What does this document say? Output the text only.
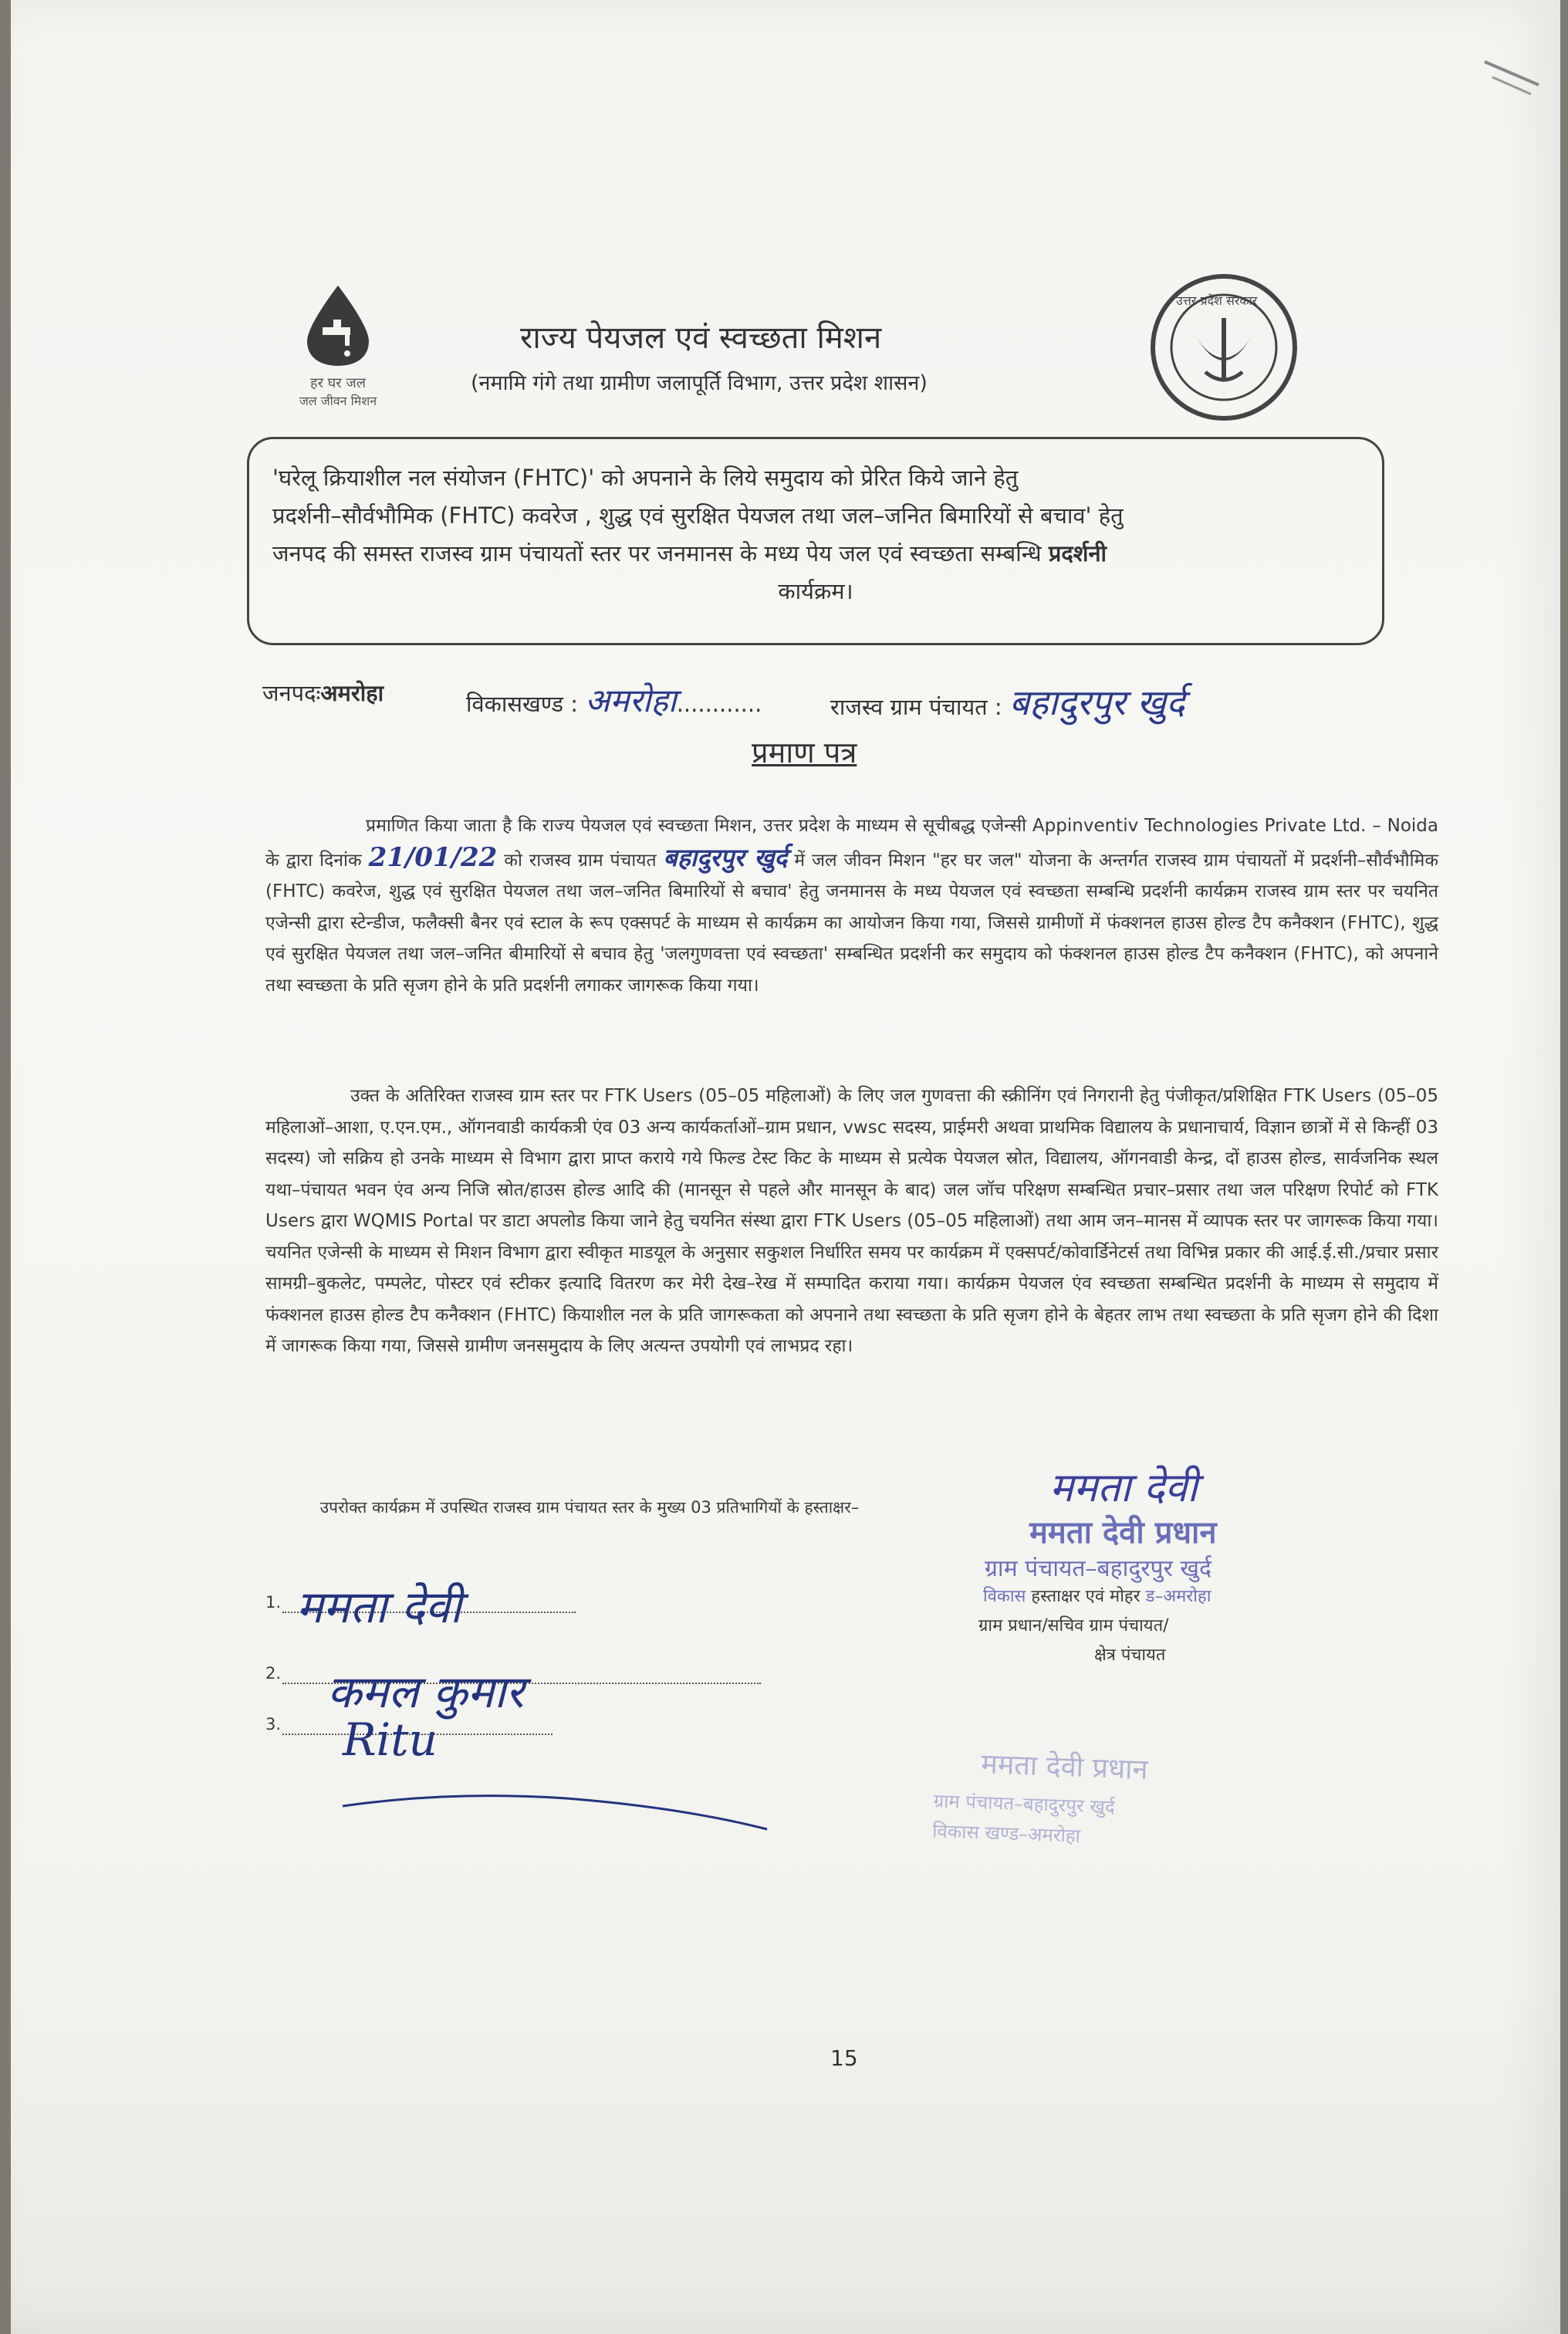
हर घर जल
जल जीवन मिशन
राज्य पेयजल एवं स्वच्छता मिशन
(नमामि गंगे तथा ग्रामीण जलापूर्ति विभाग, उत्तर प्रदेश शासन)
उत्तर प्रदेश सरकार
'घरेलू क्रियाशील नल संयोजन (FHTC)' को अपनाने के लिये समुदाय को प्रेरित किये जाने हेतु
प्रदर्शनी–सौर्वभौमिक (FHTC) कवरेज , शुद्ध एवं सुरक्षित पेयजल तथा जल–जनित बिमारियों से बचाव' हेतु
जनपद की समस्त राजस्व ग्राम पंचायतों स्तर पर जनमानस के मध्य पेय जल एवं स्वच्छता सम्बन्धि प्रदर्शनी
कार्यक्रम।
जनपदःअमरोहा	विकासखण्ड : अमरोहा............	राजस्व ग्राम पंचायत : बहादुरपुर खुर्द
प्रमाण पत्र
प्रमाणित किया जाता है कि राज्य पेयजल एवं स्वच्छता मिशन, उत्तर प्रदेश के माध्यम से सूचीबद्ध एजेन्सी Appinventiv Technologies Private Ltd. – Noida के द्वारा दिनांक 21/01/22 को राजस्व ग्राम पंचायत बहादुरपुर खुर्द में जल जीवन मिशन "हर घर जल" योजना के अन्तर्गत राजस्व ग्राम पंचायतों में प्रदर्शनी–सौर्वभौमिक (FHTC) कवरेज, शुद्ध एवं सुरक्षित पेयजल तथा जल–जनित बिमारियों से बचाव' हेतु जनमानस के मध्य पेयजल एवं स्वच्छता सम्बन्धि प्रदर्शनी कार्यक्रम राजस्व ग्राम स्तर पर चयनित एजेन्सी द्वारा स्टेन्डीज, फलैक्सी बैनर एवं स्टाल के रूप एक्सपर्ट के माध्यम से कार्यक्रम का आयोजन किया गया, जिससे ग्रामीणों में फंक्शनल हाउस होल्ड टैप कनैक्शन (FHTC), शुद्ध एवं सुरक्षित पेयजल तथा जल–जनित बीमारियों से बचाव हेतु 'जलगुणवत्ता एवं स्वच्छता' सम्बन्धित प्रदर्शनी कर समुदाय को फंक्शनल हाउस होल्ड टैप कनैक्शन (FHTC), को अपनाने तथा स्वच्छता के प्रति सृजग होने के प्रति प्रदर्शनी लगाकर जागरूक किया गया।
उक्त के अतिरिक्त राजस्व ग्राम स्तर पर FTK Users (05–05 महिलाओं) के लिए जल गुणवत्ता की स्क्रीनिंग एवं निगरानी हेतु पंजीकृत/प्रशिक्षित FTK Users (05–05 महिलाओं–आशा, ए.एन.एम., ऑगनवाडी कार्यकत्री एंव 03 अन्य कार्यकर्ताओं–ग्राम प्रधान, vwsc सदस्य, प्राईमरी अथवा प्राथमिक विद्यालय के प्रधानाचार्य, विज्ञान छात्रों में से किन्हीं 03 सदस्य) जो सक्रिय हो उनके माध्यम से विभाग द्वारा प्राप्त कराये गये फिल्ड टेस्ट किट के माध्यम से प्रत्येक पेयजल स्रोत, विद्यालय, ऑगनवाडी केन्द्र, दों हाउस होल्ड, सार्वजनिक स्थल यथा–पंचायत भवन एंव अन्य निजि स्रोत/हाउस होल्ड आदि की (मानसून से पहले और मानसून के बाद) जल जॉच परिक्षण सम्बन्धित प्रचार–प्रसार तथा जल परिक्षण रिपोर्ट को FTK Users द्वारा WQMIS Portal पर डाटा अपलोड किया जाने हेतु चयनित संस्था द्वारा FTK Users (05–05 महिलाओं) तथा आम जन–मानस में व्यापक स्तर पर जागरूक किया गया। चयनित एजेन्सी के माध्यम से मिशन विभाग द्वारा स्वीकृत माडयूल के अनुसार सकुशल निर्धारित समय पर कार्यक्रम में एक्सपर्ट/कोवार्डिनेटर्स तथा विभिन्न प्रकार की आई.ई.सी./प्रचार प्रसार सामग्री–बुकलेट, पम्पलेट, पोस्टर एवं स्टीकर इत्यादि वितरण कर मेरी देख–रेख में सम्पादित कराया गया। कार्यक्रम पेयजल एंव स्वच्छता सम्बन्धित प्रदर्शनी के माध्यम से समुदाय में फंक्शनल हाउस होल्ड टैप कनैक्शन (FHTC) कियाशील नल के प्रति जागरूकता को अपनाने तथा स्वच्छता के प्रति सृजग होने के बेहतर लाभ तथा स्वच्छता के प्रति सृजग होने की दिशा में जागरूक किया गया, जिससे ग्रामीण जनसमुदाय के लिए अत्यन्त उपयोगी एवं लाभप्रद रहा।
उपरोक्त कार्यक्रम में उपस्थित राजस्व ग्राम पंचायत स्तर के मुख्य 03 प्रतिभागियों के हस्ताक्षर–
1. ममता देवी
2. कमल कुमार
3. Ritu
ममता देवी
ममता देवी प्रधान
ग्राम पंचायत–बहादुरपुर खुर्द
विकास हस्ताक्षर एवं मोहर ड–अमरोहा
ग्राम प्रधान/सचिव ग्राम पंचायत/
क्षेत्र पंचायत
ममता देवी प्रधान
ग्राम पंचायत–बहादुरपुर खुर्द
विकास खण्ड–अमरोहा
15
